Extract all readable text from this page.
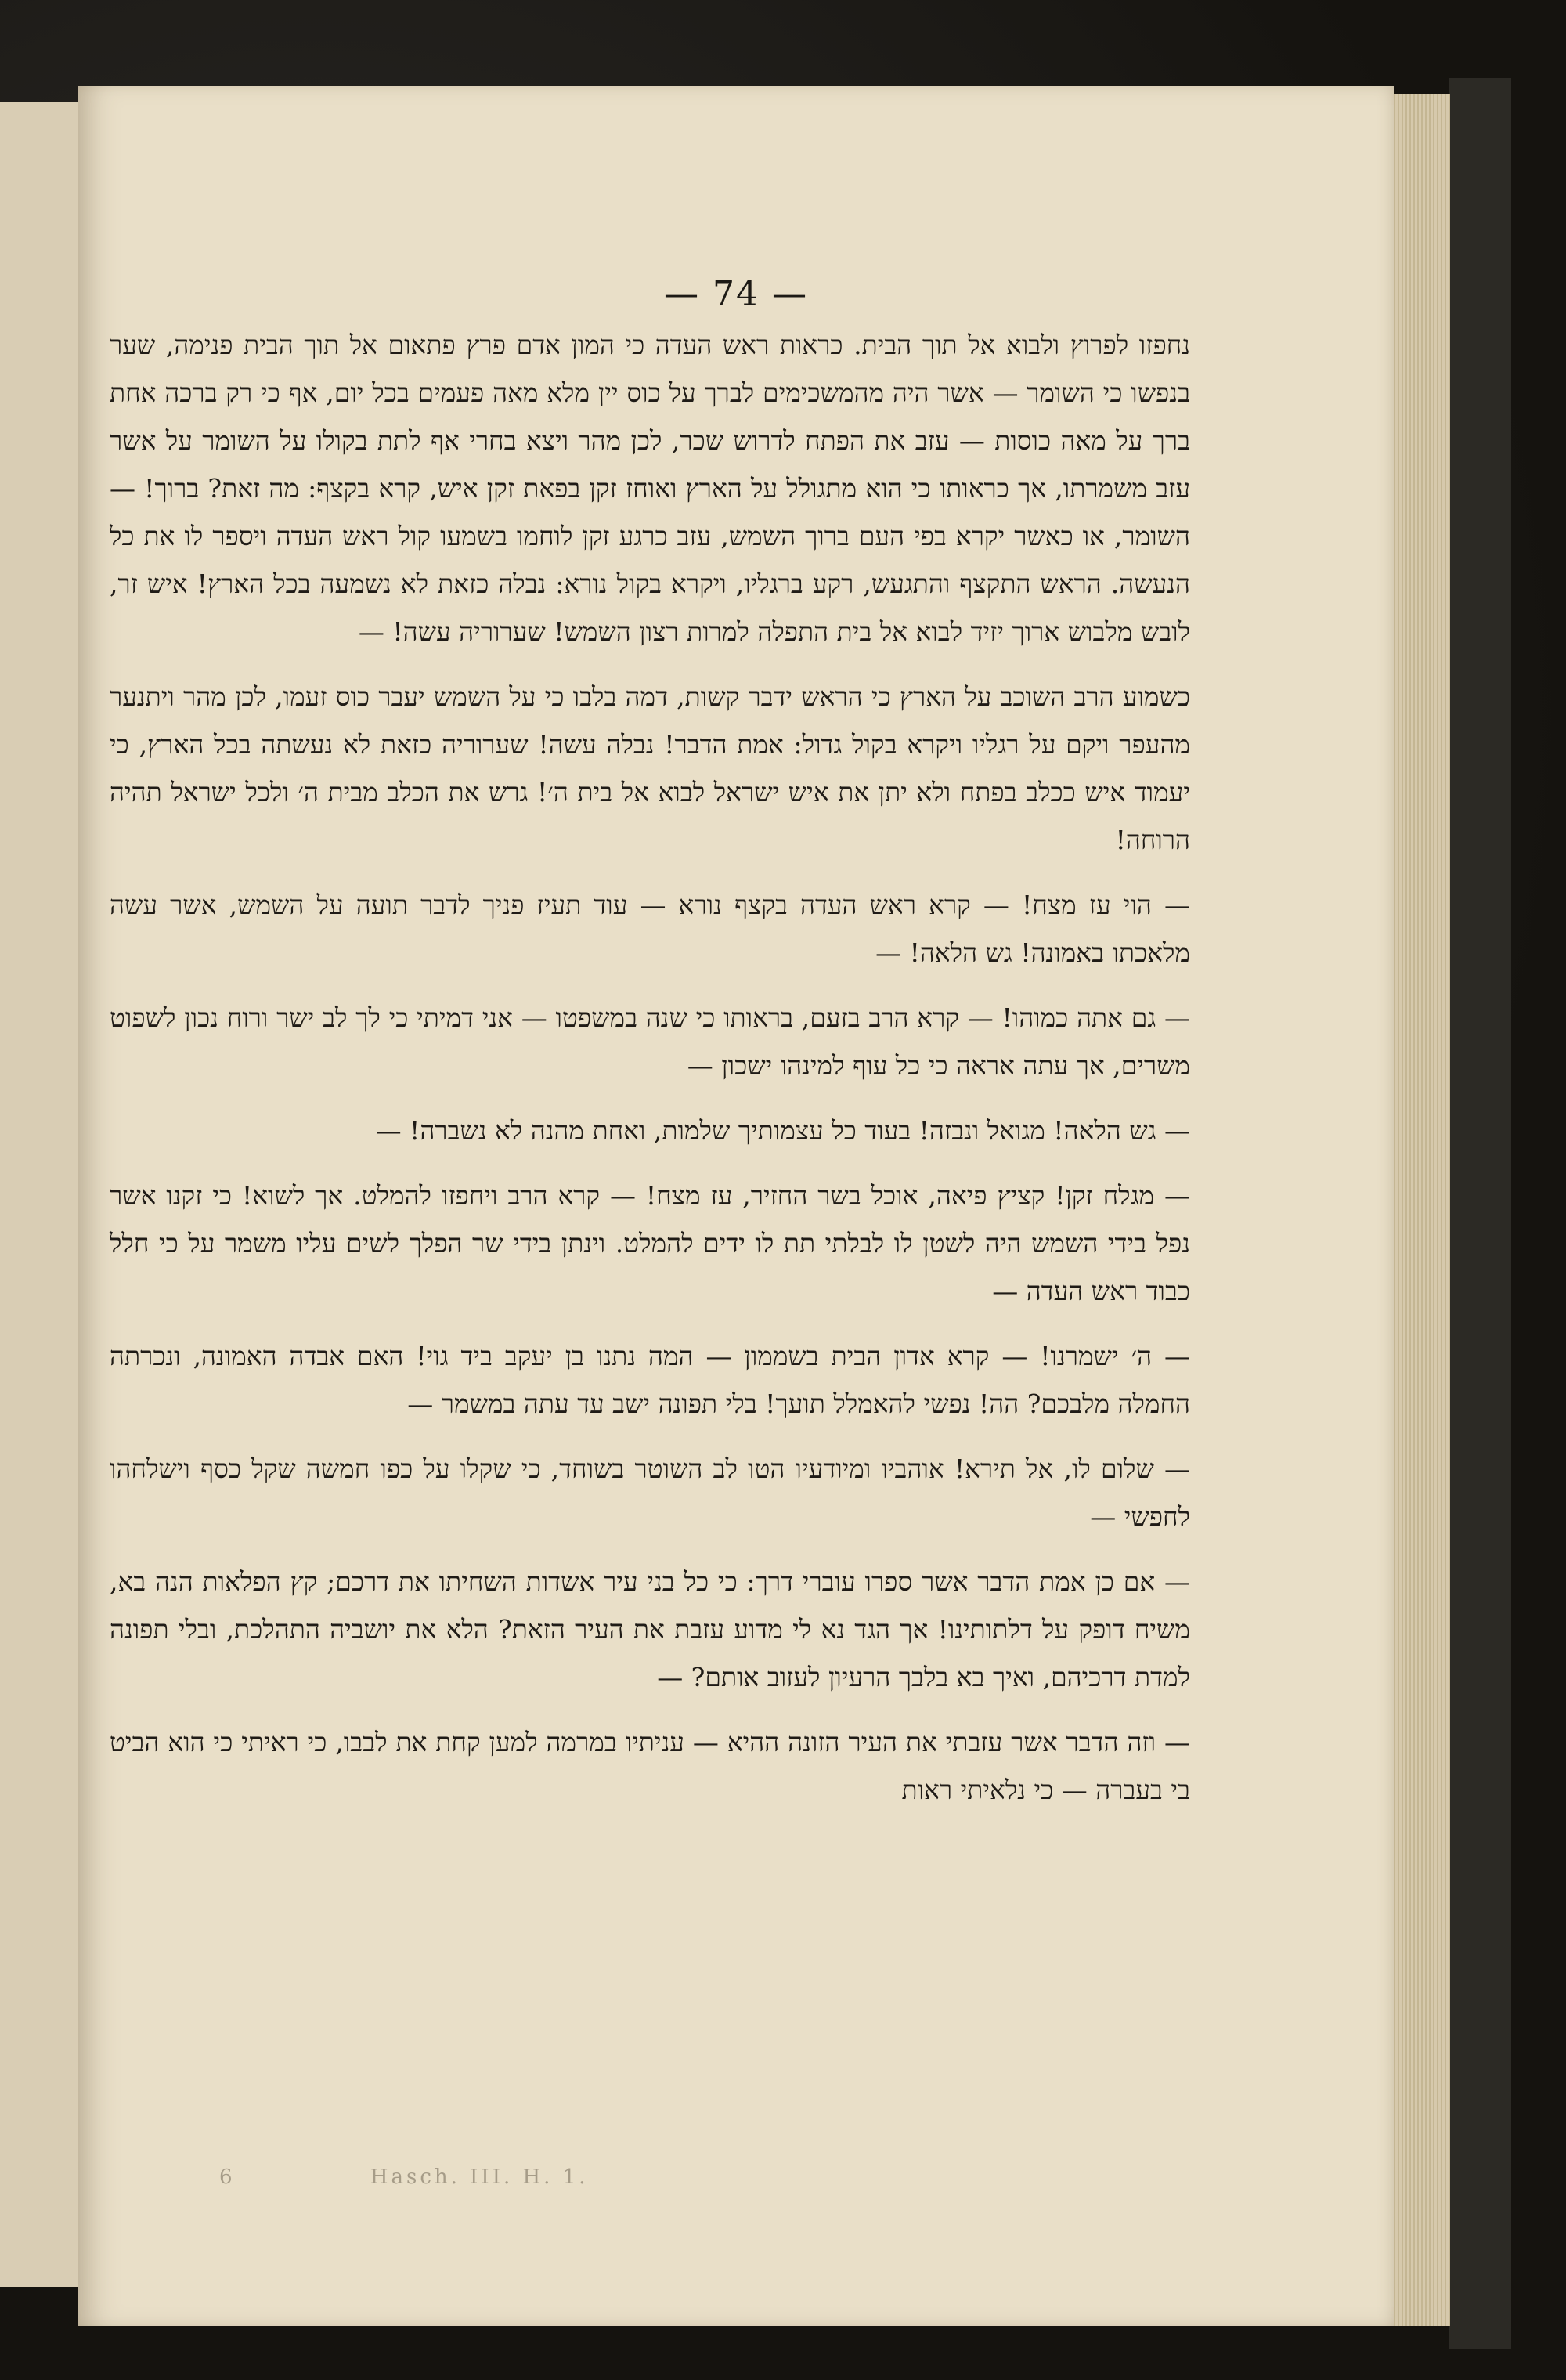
— 74 —

נחפזו לפרוץ ולבוא אל תוך הבית. כראות ראש העדה כי המון אדם פרץ פתאום אל תוך הבית פנימה, שער בנפשו כי השומר — אשר היה מהמשכימים לברך על כוס יין מלא מאה פעמים בכל יום, אף כי רק ברכה אחת ברך על מאה כוסות — עזב את הפתח לדרוש שכר, לכן מהר ויצא בחרי אף לתת בקולו על השומר על אשר עזב משמרתו, אך כראותו כי הוא מתגולל על הארץ ואוחז זקן בפאת זקן איש, קרא בקצף: מה זאת? ברוך! — השומר, או כאשר יקרא בפי העם ברוך השמש, עזב כרגע זקן לוחמו בשמעו קול ראש העדה ויספר לו את כל הנעשה. הראש התקצף והתגעש, רקע ברגליו, ויקרא בקול נורא: נבלה כזאת לא נשמעה בכל הארץ! איש זר, לובש מלבוש ארוך יזיד לבוא אל בית התפלה למרות רצון השמש! שערוריה עשה! —

כשמוע הרב השוכב על הארץ כי הראש ידבר קשות, דמה בלבו כי על השמש יעבר כוס זעמו, לכן מהר ויתנער מהעפר ויקם על רגליו ויקרא בקול גדול: אמת הדבר! נבלה עשה! שערוריה כזאת לא נעשתה בכל הארץ, כי יעמוד איש ככלב בפתח ולא יתן את איש ישראל לבוא אל בית ה׳! גרש את הכלב מבית ה׳ ולכל ישראל תהיה הרוחה!

— הוי עז מצח! — קרא ראש העדה בקצף נורא — עוד תעיז פניך לדבר תועה על השמש, אשר עשה מלאכתו באמונה! גש הלאה! —

— גם אתה כמוהו! — קרא הרב בזעם, בראותו כי שנה במשפטו — אני דמיתי כי לך לב ישר ורוח נכון לשפוט משרים, אך עתה אראה כי כל עוף למינהו ישכון —

— גש הלאה! מגואל ונבזה! בעוד כל עצמותיך שלמות, ואחת מהנה לא נשברה! —

— מגלח זקן! קציץ פיאה, אוכל בשר החזיר, עז מצח! — קרא הרב ויחפזו להמלט. אך לשוא! כי זקנו אשר נפל בידי השמש היה לשטן לו לבלתי תת לו ידים להמלט. וינתן בידי שר הפלך לשים עליו משמר על כי חלל כבוד ראש העדה —

— ה׳ ישמרנו! — קרא אדון הבית בשממון — המה נתנו בן יעקב ביד גוי! האם אבדה האמונה, ונכרתה החמלה מלבכם? הה! נפשי להאמלל תועך! בלי תפונה ישב עד עתה במשמר —

— שלום לו, אל תירא! אוהביו ומיודעיו הטו לב השוטר בשוחד, כי שקלו על כפו חמשה שקל כסף וישלחהו לחפשי —

— אם כן אמת הדבר אשר ספרו עוברי דרך: כי כל בני עיר אשדות השחיתו את דרכם; קץ הפלאות הנה בא, משיח דופק על דלתותינו! אך הגד נא לי מדוע עזבת את העיר הזאת? הלא את יושביה התהלכת, ובלי תפונה למדת דרכיהם, ואיך בא בלבך הרעיון לעזוב אותם? —

— וזה הדבר אשר עזבתי את העיר הזונה ההיא — עניתיו במרמה למען קחת את לבבו, כי ראיתי כי הוא הביט בי בעברה — כי נלאיתי ראות

6	Hasch. III. H. 1.
